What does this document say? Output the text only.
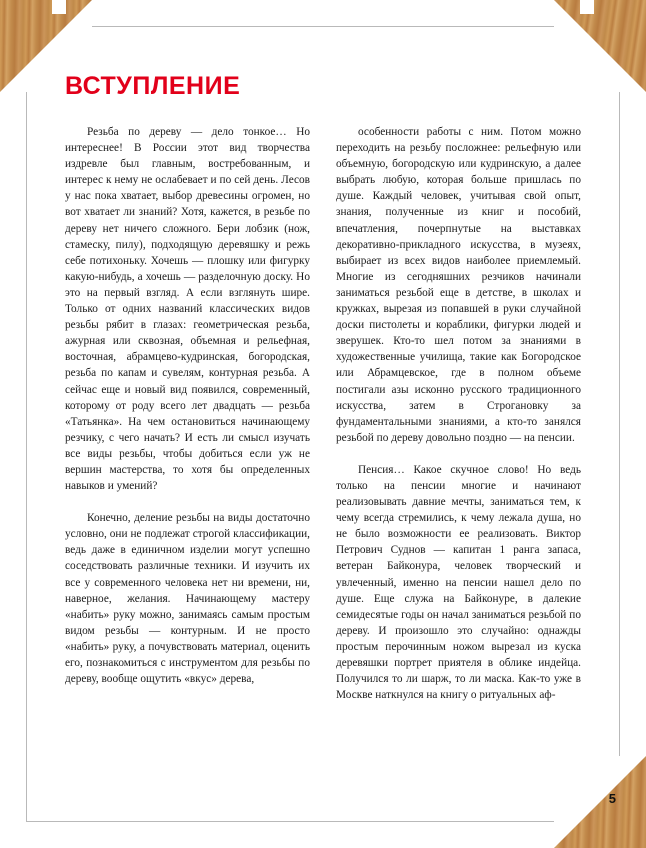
ВСТУПЛЕНИЕ

Резьба по дереву — дело тонкое… Но интереснее! В России этот вид творчества издревле был главным, востребованным, и интерес к нему не ослабевает и по сей день. Лесов у нас пока хватает, выбор древесины огромен, но вот хватает ли знаний? Хотя, кажется, в резьбе по дереву нет ничего сложного. Бери лобзик (нож, стамеску, пилу), подходящую деревяшку и режь себе потихоньку. Хочешь — плошку или фигурку какую-нибудь, а хочешь — разделочную доску. Но это на первый взгляд. А если взглянуть шире. Только от одних названий классических видов резьбы рябит в глазах: геометрическая резьба, ажурная или сквозная, объемная и рельефная, восточная, абрамцево-кудринская, богородская, резьба по капам и сувелям, контурная резьба. А сейчас еще и новый вид появился, современный, которому от роду всего лет двадцать — резьба «Татьянка». На чем остановиться начинающему резчику, с чего начать? И есть ли смысл изучать все виды резьбы, чтобы добиться если уж не вершин мастерства, то хотя бы определенных навыков и умений?

Конечно, деление резьбы на виды достаточно условно, они не подлежат строгой классификации, ведь даже в единичном изделии могут успешно соседствовать различные техники. И изучить их все у современного человека нет ни времени, ни, наверное, желания. Начинающему мастеру «набить» руку можно, занимаясь самым простым видом резьбы — контурным. И не просто «набить» руку, а почувствовать материал, оценить его, познакомиться с инструментом для резьбы по дереву, вообще ощутить «вкус» дерева,

особенности работы с ним. Потом можно переходить на резьбу посложнее: рельефную или объемную, богородскую или кудринскую, а далее выбрать любую, которая больше пришлась по душе. Каждый человек, учитывая свой опыт, знания, полученные из книг и пособий, впечатления, почерпнутые на выставках декоративно-прикладного искусства, в музеях, выбирает из всех видов наиболее приемлемый. Многие из сегодняшних резчиков начинали заниматься резьбой еще в детстве, в школах и кружках, вырезая из попавшей в руки случайной доски пистолеты и кораблики, фигурки людей и зверушек. Кто-то шел потом за знаниями в художественные училища, такие как Богородское или Абрамцевское, где в полном объеме постигали азы исконно русского традиционного искусства, затем в Строгановку за фундаментальными знаниями, а кто-то занялся резьбой по дереву довольно поздно — на пенсии.

Пенсия… Какое скучное слово! Но ведь только на пенсии многие и начинают реализовывать давние мечты, заниматься тем, к чему всегда стремились, к чему лежала душа, но не было возможности ее реализовать. Виктор Петрович Суднов — капитан 1 ранга запаса, ветеран Байконура, человек творческий и увлеченный, именно на пенсии нашел дело по душе. Еще служа на Байконуре, в далекие семидесятые годы он начал заниматься резьбой по дереву. И произошло это случайно: однажды простым перочинным ножом вырезал из куска деревяшки портрет приятеля в облике индейца. Получился то ли шарж, то ли маска. Как-то уже в Москве наткнулся на книгу о ритуальных аф-

5
